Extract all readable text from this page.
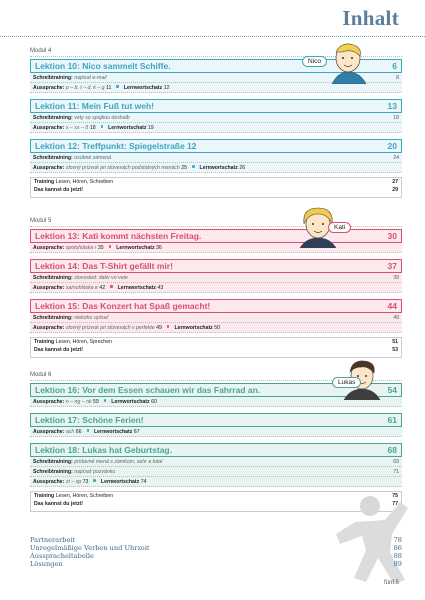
Inhalt
Modul 4
Lektion 10: Nico sammelt Schiffe.	6
Schreibtraining: napisat e-mail	8
Aussprache: p – b, t – d, k – g 11 Lernwortschatz 12
Lektion 11: Mein Fuß tut weh!	13
Schreibtraining: vety so spojkou deshalb	18
Aussprache: s – ss – ß 18 Lernwortschatz 19
Lektion 12: Treffpunkt: Spiegelstraße 12	20
Schreibtraining: osobné zámená	24
Aussprache: slovný prízvuk pri slovesách podstatných menách 25 Lernwortschatz 26
Training Lesen, Hören, Schreiben	27
Das kannst du jetzt!	29
Nico
Modul 5
Lektion 13: Kati kommt nächsten Freitag.	30
Aussprache: spoluhláska r 35 Lernwortschatz 36
Lektion 14: Das T-Shirt gefällt mir!	37
Schreibtraining: slovosled: dativ vo vete	39
Aussprache: samohláska e 42 Lernwortschatz 43
Lektion 15: Das Konzert hat Spaß gemacht!	44
Schreibtraining: niekoho opísať	49
Aussprache: slovný prízvuk pri slovesách v perfekte 49 Lernwortschatz 50
Training Lesen, Hören, Sprechen	51
Das kannst du jetzt!	53
Kati
Modul 6
Lektion 16: Vor dem Essen schauen wir das Fahrrad an.	54
Aussprache: n – ng – nk 59 Lernwortschatz 60
Lektion 17: Schöne Ferien!	61
Aussprache: ach 66 Lernwortschatz 67
Lektion 18: Lukas hat Geburtstag.	68
Schreibtraining: prídavné mená s zámkom, sehr a total	69
Schreibtraining: napísať pozvánku	71
Aussprache: zt – sp 73 Lernwortschatz 74
Training Lesen, Hören, Schreiben	75
Das kannst du jetzt!	77
Lukas
Partnerarbeit	78
Unregelmäßige Verben und Uhrzeit	86
Ausspracheltabelle	88
Lösungen	89
fünf 5
